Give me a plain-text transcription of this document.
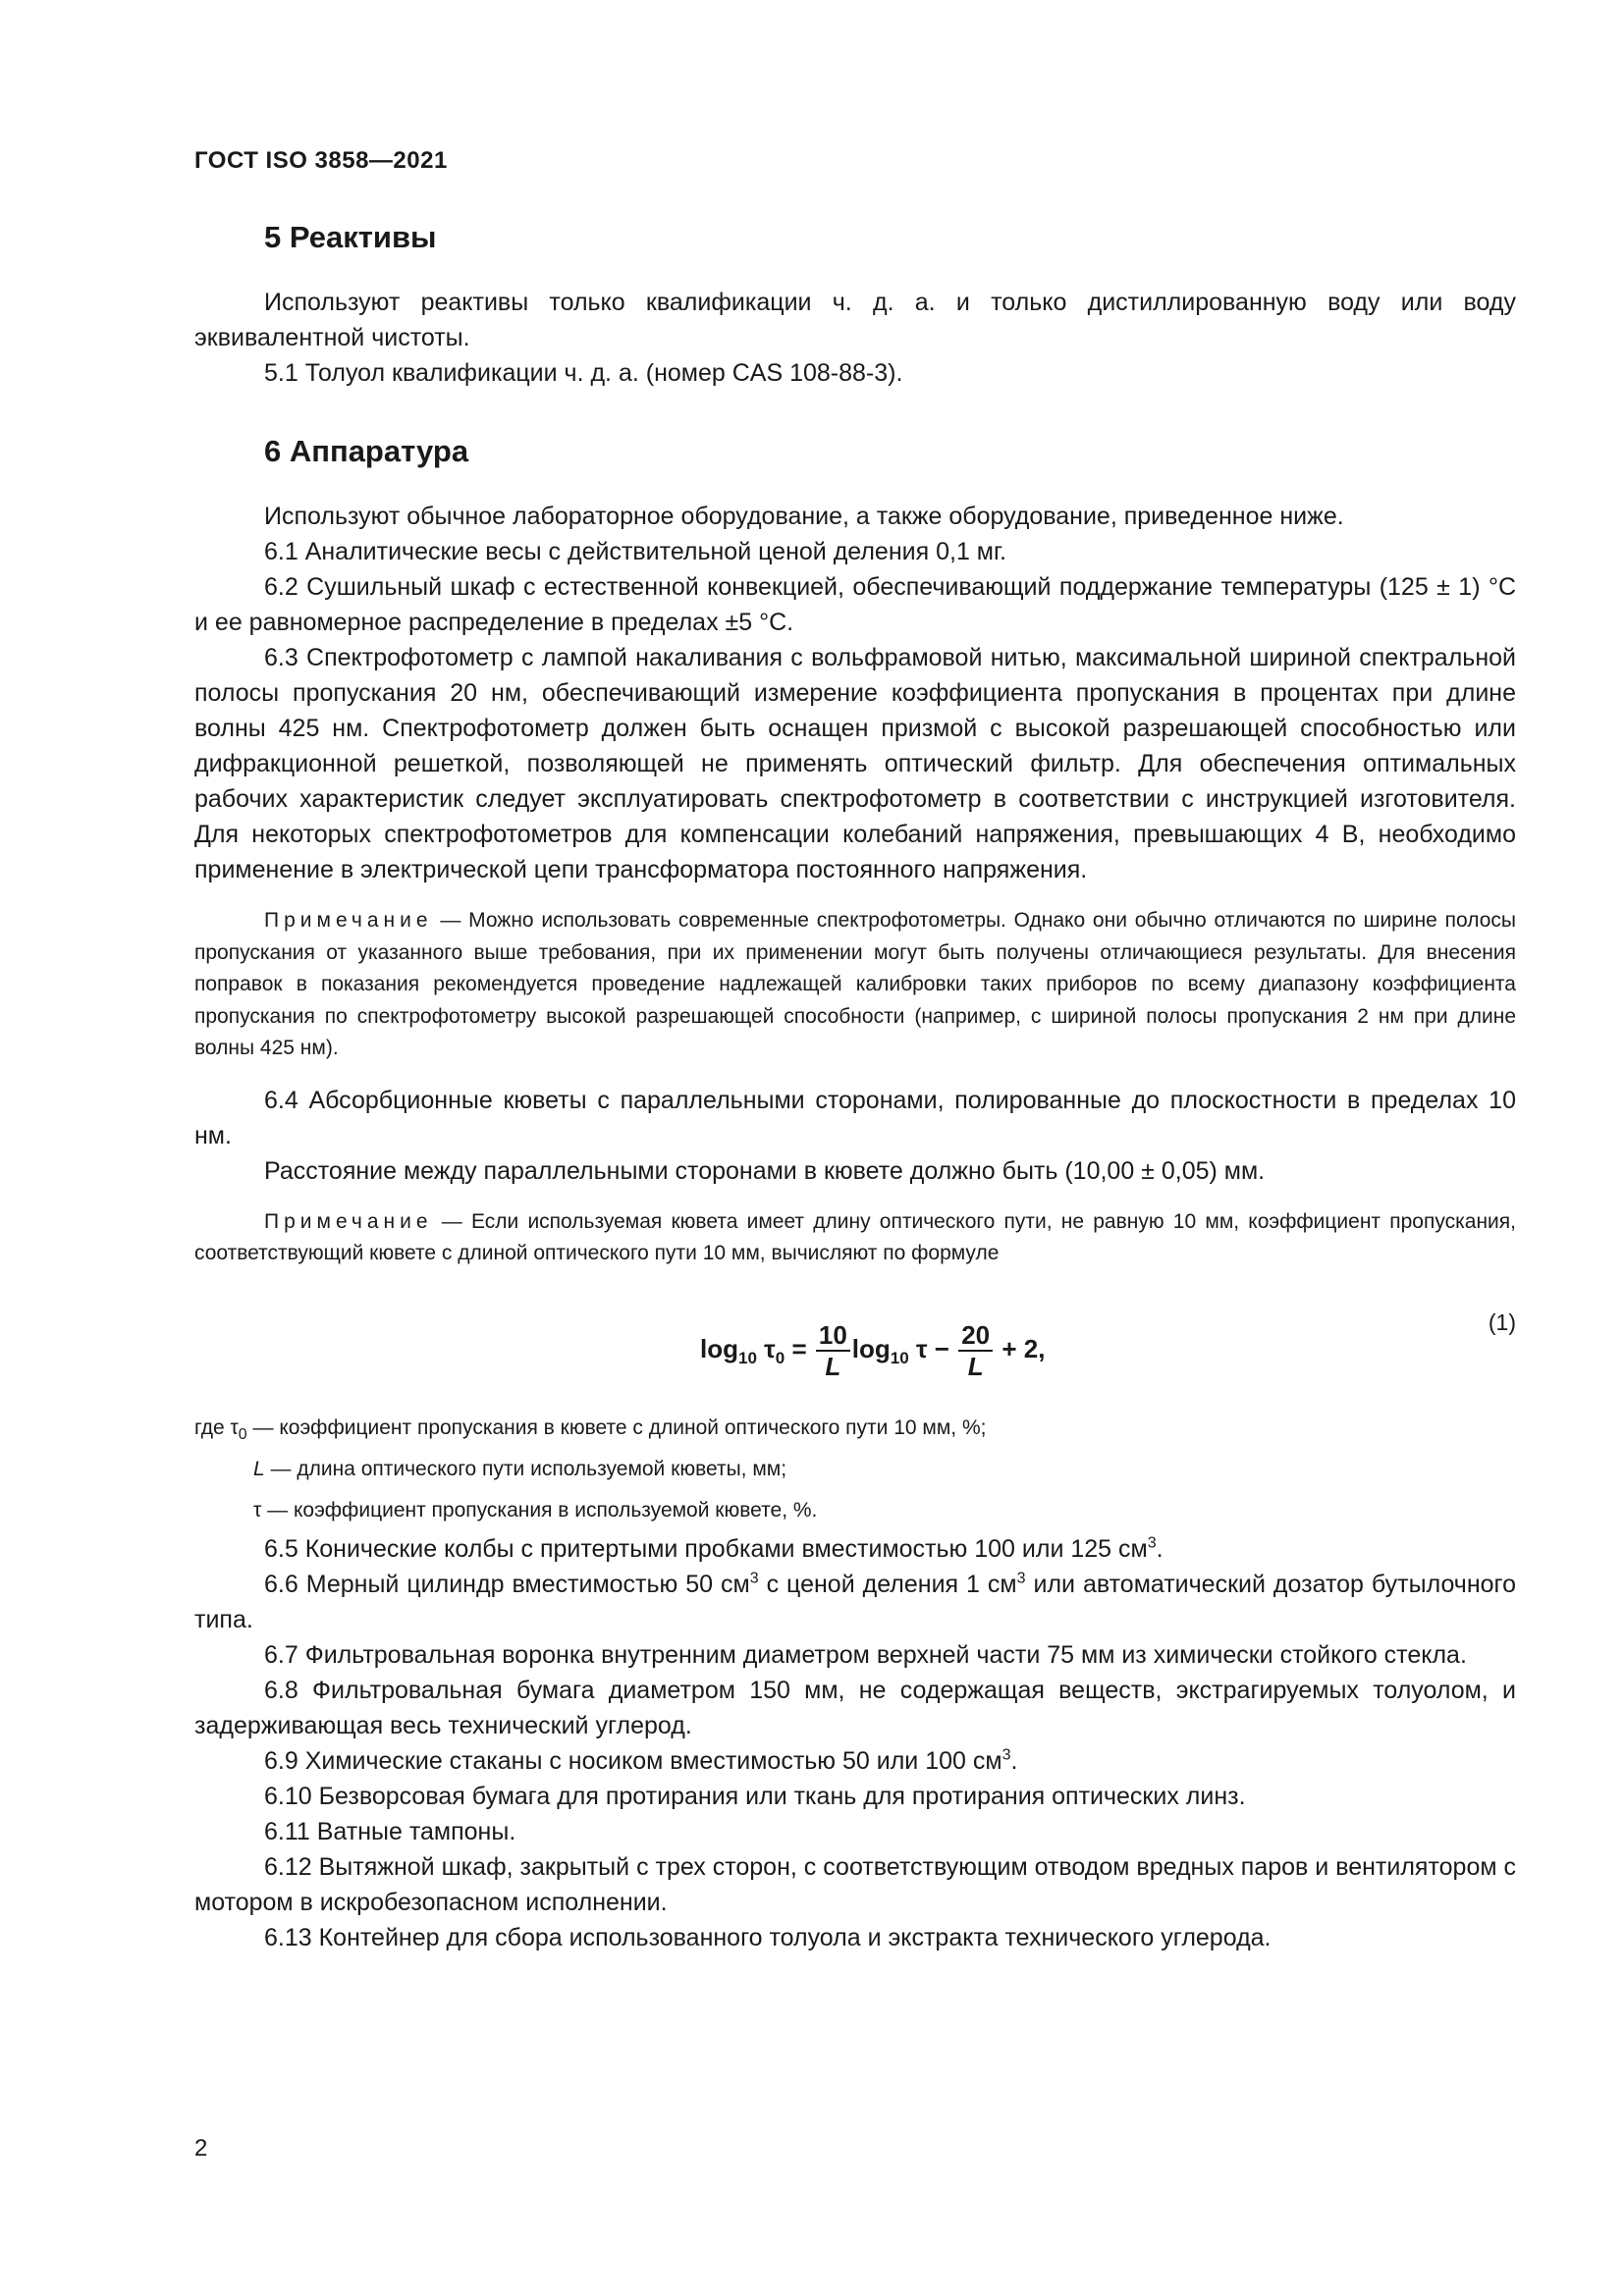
ГОСТ ISO 3858—2021
5 Реактивы

Используют реактивы только квалификации ч. д. а. и только дистиллированную воду или воду эквивалентной чистоты.

5.1 Толуол квалификации ч. д. а. (номер CAS 108-88-3).

6 Аппаратура

Используют обычное лабораторное оборудование, а также оборудование, приведенное ниже.

6.1 Аналитические весы с действительной ценой деления 0,1 мг.

6.2 Сушильный шкаф с естественной конвекцией, обеспечивающий поддержание температуры (125 ± 1) °С и ее равномерное распределение в пределах ±5 °С.

6.3 Спектрофотометр с лампой накаливания с вольфрамовой нитью, максимальной шириной спектральной полосы пропускания 20 нм, обеспечивающий измерение коэффициента пропускания в процентах при длине волны 425 нм. Спектрофотометр должен быть оснащен призмой с высокой разрешающей способностью или дифракционной решеткой, позволяющей не применять оптический фильтр. Для обеспечения оптимальных рабочих характеристик следует эксплуатировать спектрофотометр в соответствии с инструкцией изготовителя. Для некоторых спектрофотометров для компенсации колебаний напряжения, превышающих 4 В, необходимо применение в электрической цепи трансформатора постоянного напряжения.

Примечание — Можно использовать современные спектрофотометры. Однако они обычно отличаются по ширине полосы пропускания от указанного выше требования, при их применении могут быть получены отличающиеся результаты. Для внесения поправок в показания рекомендуется проведение надлежащей калибровки таких приборов по всему диапазону коэффициента пропускания по спектрофотометру высокой разрешающей способности (например, с шириной полосы пропускания 2 нм при длине волны 425 нм).

6.4 Абсорбционные кюветы с параллельными сторонами, полированные до плоскостности в пределах 10 нм.

Расстояние между параллельными сторонами в кювете должно быть (10,00 ± 0,05) мм.

Примечание — Если используемая кювета имеет длину оптического пути, не равную 10 мм, коэффициент пропускания, соответствующий кювете с длиной оптического пути 10 мм, вычисляют по формуле

$\log_{10} \tau_0 = \frac{10}{L} \log_{10} \tau - \frac{20}{L} + 2$,
(1)

где $\tau_0$ — коэффициент пропускания в кювете с длиной оптического пути 10 мм, %;

L — длина оптического пути используемой кюветы, мм;

τ — коэффициент пропускания в используемой кювете, %.

6.5 Конические колбы с притертыми пробками вместимостью 100 или 125 $см^3$.

6.6 Мерный цилиндр вместимостью 50 $см^3$ с ценой деления 1 $см^3$ или автоматический дозатор бутылочного типа.

6.7 Фильтровальная воронка внутренним диаметром верхней части 75 мм из химически стойкого стекла.

6.8 Фильтровальная бумага диаметром 150 мм, не содержащая веществ, экстрагируемых толуолом, и задерживающая весь технический углерод.

6.9 Химические стаканы с носиком вместимостью 50 или 100 $см^3$.

6.10 Безворсовая бумага для протирания или ткань для протирания оптических линз.

6.11 Ватные тампоны.

6.12 Вытяжной шкаф, закрытый с трех сторон, с соответствующим отводом вредных паров и вентилятором с мотором в искробезопасном исполнении.

6.13 Контейнер для сбора использованного толуола и экстракта технического углерода.

2
